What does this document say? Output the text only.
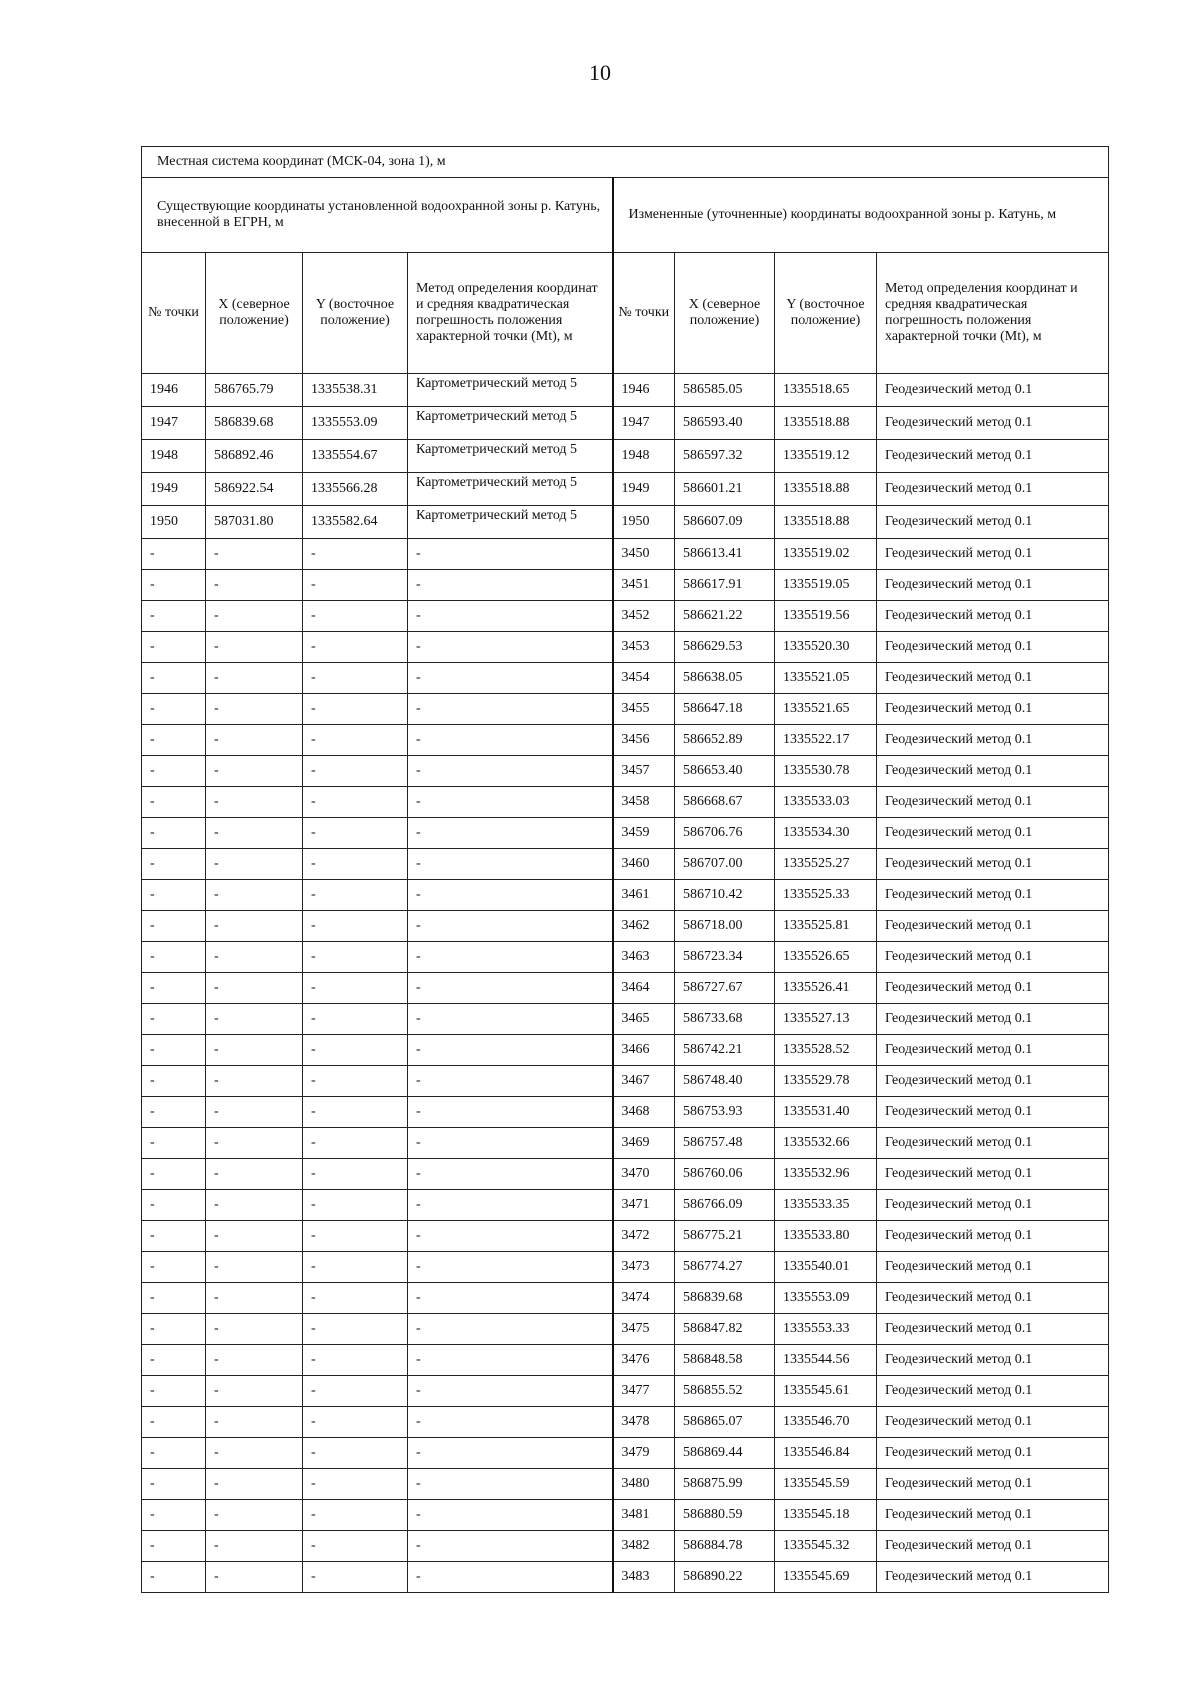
10
Местная система координат (МСК-04, зона 1), м							
Существующие координаты установленной водоохранной зоны р. Катунь, внесенной в ЕГРН, м				Измененные (уточненные) координаты водоохранной зоны р. Катунь, м			
№ точки	X (северное положение)	Y (восточное положение)	Метод определения координат и средняя квадратическая погрешность положения характерной точки (Mt), м	№ точки	X (северное положение)	Y (восточное положение)	Метод определения координат и средняя квадратическая погрешность положения характерной точки (Mt), м
1946	586765.79	1335538.31	Картометрический метод 5	1946	586585.05	1335518.65	Геодезический метод 0.1
1947	586839.68	1335553.09	Картометрический метод 5	1947	586593.40	1335518.88	Геодезический метод 0.1
1948	586892.46	1335554.67	Картометрический метод 5	1948	586597.32	1335519.12	Геодезический метод 0.1
1949	586922.54	1335566.28	Картометрический метод 5	1949	586601.21	1335518.88	Геодезический метод 0.1
1950	587031.80	1335582.64	Картометрический метод 5	1950	586607.09	1335518.88	Геодезический метод 0.1
-	-	-	-	3450	586613.41	1335519.02	Геодезический метод 0.1
-	-	-	-	3451	586617.91	1335519.05	Геодезический метод 0.1
-	-	-	-	3452	586621.22	1335519.56	Геодезический метод 0.1
-	-	-	-	3453	586629.53	1335520.30	Геодезический метод 0.1
-	-	-	-	3454	586638.05	1335521.05	Геодезический метод 0.1
-	-	-	-	3455	586647.18	1335521.65	Геодезический метод 0.1
-	-	-	-	3456	586652.89	1335522.17	Геодезический метод 0.1
-	-	-	-	3457	586653.40	1335530.78	Геодезический метод 0.1
-	-	-	-	3458	586668.67	1335533.03	Геодезический метод 0.1
-	-	-	-	3459	586706.76	1335534.30	Геодезический метод 0.1
-	-	-	-	3460	586707.00	1335525.27	Геодезический метод 0.1
-	-	-	-	3461	586710.42	1335525.33	Геодезический метод 0.1
-	-	-	-	3462	586718.00	1335525.81	Геодезический метод 0.1
-	-	-	-	3463	586723.34	1335526.65	Геодезический метод 0.1
-	-	-	-	3464	586727.67	1335526.41	Геодезический метод 0.1
-	-	-	-	3465	586733.68	1335527.13	Геодезический метод 0.1
-	-	-	-	3466	586742.21	1335528.52	Геодезический метод 0.1
-	-	-	-	3467	586748.40	1335529.78	Геодезический метод 0.1
-	-	-	-	3468	586753.93	1335531.40	Геодезический метод 0.1
-	-	-	-	3469	586757.48	1335532.66	Геодезический метод 0.1
-	-	-	-	3470	586760.06	1335532.96	Геодезический метод 0.1
-	-	-	-	3471	586766.09	1335533.35	Геодезический метод 0.1
-	-	-	-	3472	586775.21	1335533.80	Геодезический метод 0.1
-	-	-	-	3473	586774.27	1335540.01	Геодезический метод 0.1
-	-	-	-	3474	586839.68	1335553.09	Геодезический метод 0.1
-	-	-	-	3475	586847.82	1335553.33	Геодезический метод 0.1
-	-	-	-	3476	586848.58	1335544.56	Геодезический метод 0.1
-	-	-	-	3477	586855.52	1335545.61	Геодезический метод 0.1
-	-	-	-	3478	586865.07	1335546.70	Геодезический метод 0.1
-	-	-	-	3479	586869.44	1335546.84	Геодезический метод 0.1
-	-	-	-	3480	586875.99	1335545.59	Геодезический метод 0.1
-	-	-	-	3481	586880.59	1335545.18	Геодезический метод 0.1
-	-	-	-	3482	586884.78	1335545.32	Геодезический метод 0.1
-	-	-	-	3483	586890.22	1335545.69	Геодезический метод 0.1
